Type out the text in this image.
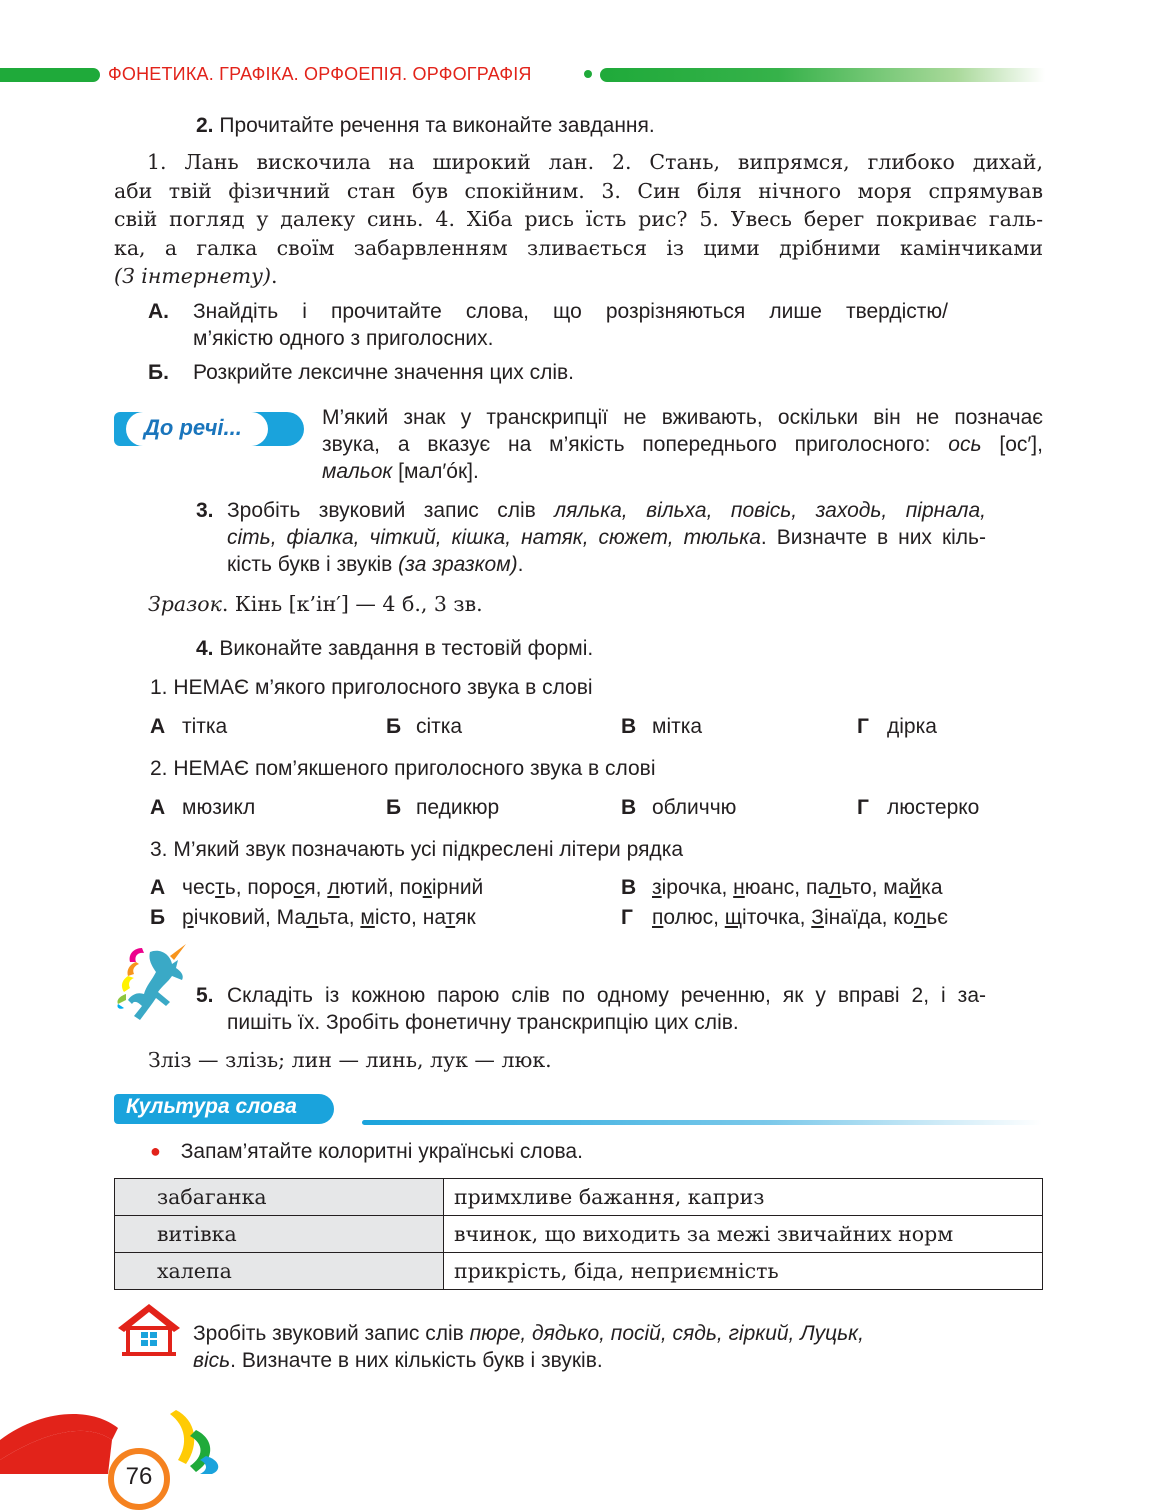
ФОНЕТИКА. ГРАФІКА. ОРФОЕПІЯ. ОРФОГРАФІЯ
2. Прочитайте речення та виконайте завдання.
1. Лань вискочила на широкий лан. 2. Стань, випрямся, глибоко дихай,
аби твій фізичний стан був спокійним. 3. Син біля нічного моря спрямував
свій погляд у далеку синь. 4. Хіба рись їсть рис? 5. Увесь берег покриває галь-
ка, а галка своїм забарвленням зливається із цими дрібними камінчиками
(З інтернету).
А. Знайдіть і прочитайте слова, що розрізняються лише твердістю/
м’якістю одного з приголосних.
Б. Розкрийте лексичне значення цих слів.
До речі...	М’який знак у транскрипції не вживають, оскільки він не позначає
звука, а вказує на м’якість попереднього приголосного: ось [ос′],
мальок [мал′óк].
3. Зробіть звуковий запис слів лялька, вільха, повісь, заходь, пірнала,
сіть, фіалка, чіткий, кішка, натяк, сюжет, тюлька. Визначте в них кіль-
кість букв і звуків (за зразком).
Зразок. Кінь [к’ін′] — 4 б., 3 зв.
4. Виконайте завдання в тестовій формі.
1. НЕМАЄ м’якого приголосного звука в слові
А тітка	Б сітка	В мітка	Г дірка
2. НЕМАЄ пом’якшеного приголосного звука в слові
А мюзикл	Б педикюр	В обличчю	Г люстерко
3. М’який звук позначають усі підкреслені літери рядка
А честь, порося, лютий, покірний	В зірочка, нюанс, пальто, майка
Б річковий, Мальта, місто, натяк	Г полюс, щіточка, Зінаїда, кольє
5. Складіть із кожною парою слів по одному реченню, як у вправі 2, і за-
пишіть їх. Зробіть фонетичну транскрипцію цих слів.
Зліз — злізь; лин — линь, лук — люк.
Культура слова
● Запам’ятайте колоритні українські слова.
забаганка	примхливе бажання, каприз
витівка	вчинок, що виходить за межі звичайних норм
халепа	прикрість, біда, неприємність
Зробіть звуковий запис слів пюре, дядько, посій, сядь, гіркий, Луцьк,
вісь. Визначте в них кількість букв і звуків.
76
